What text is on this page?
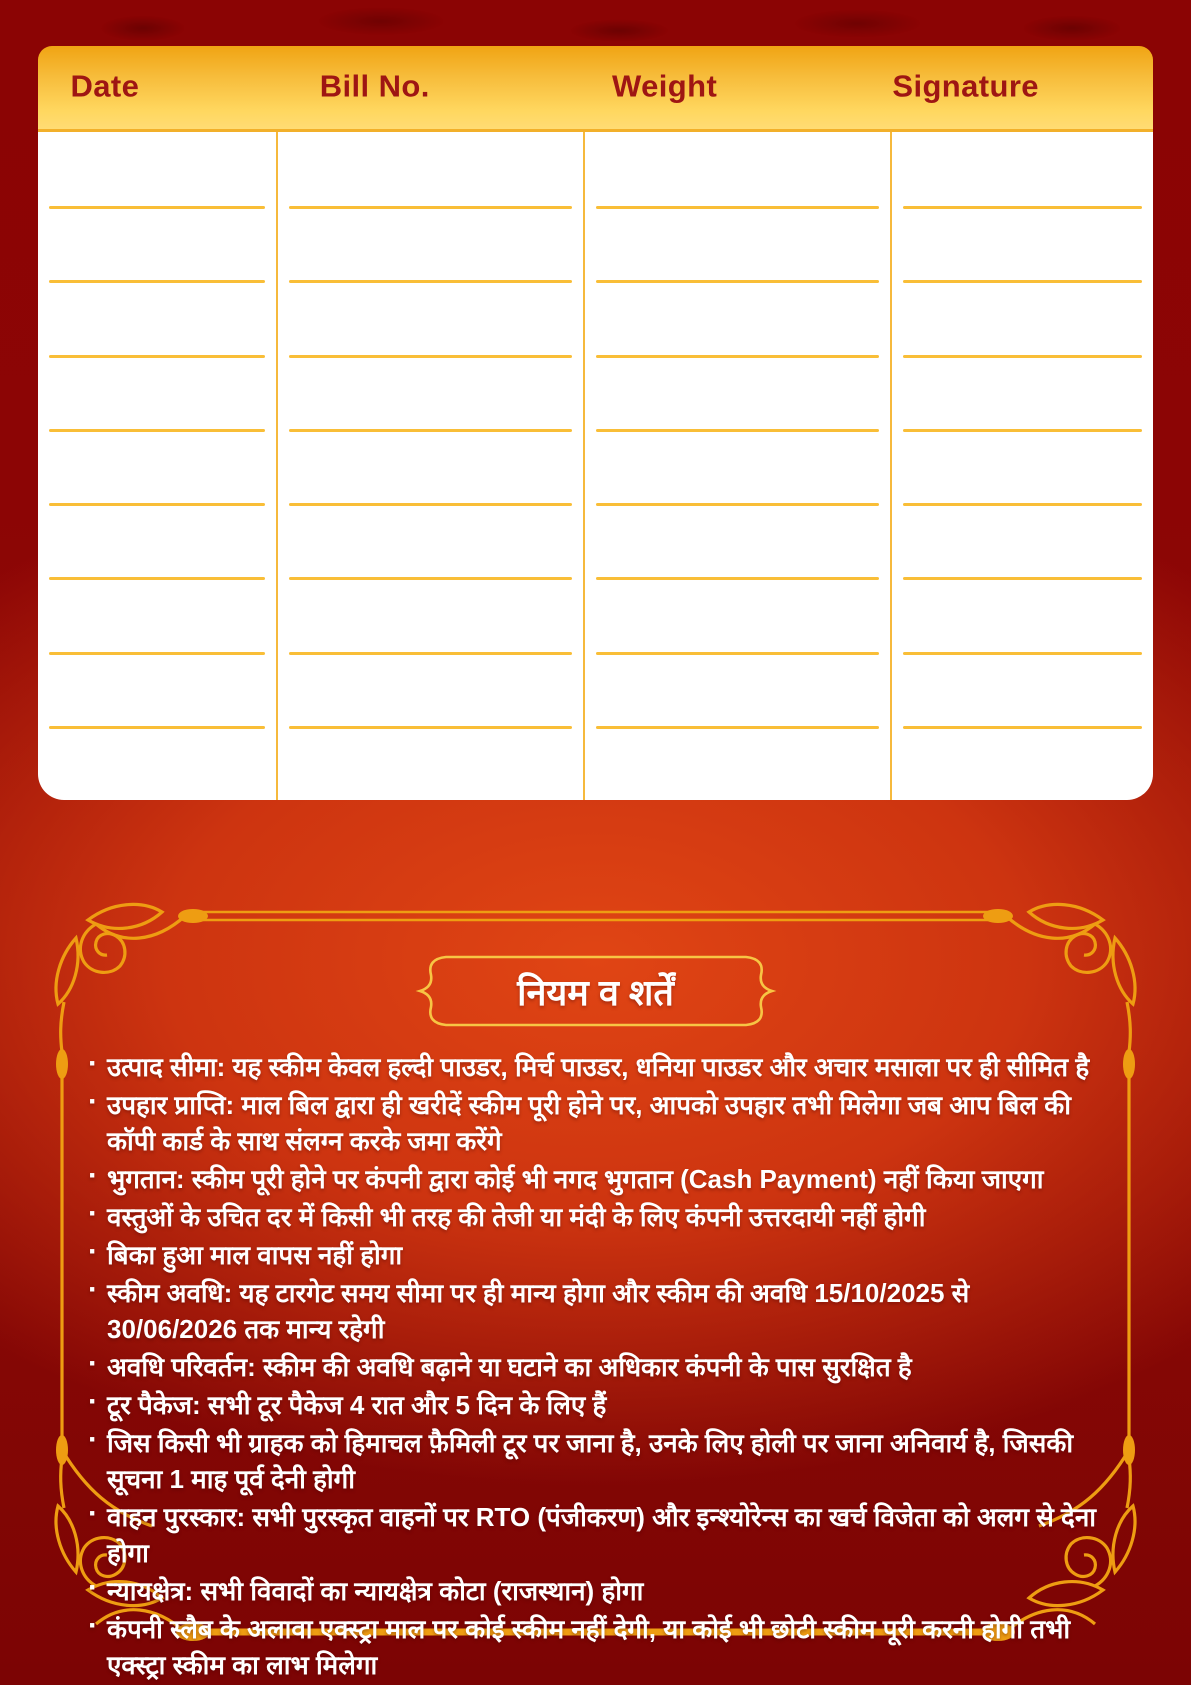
Date	Bill No.	Weight	Signature
नियम व शर्तें
· उत्पाद सीमा: यह स्कीम केवल हल्दी पाउडर, मिर्च पाउडर, धनिया पाउडर और अचार मसाला पर ही सीमित है
· उपहार प्राप्ति: माल बिल द्वारा ही खरीदें स्कीम पूरी होने पर, आपको उपहार तभी मिलेगा जब आप बिल की कॉपी कार्ड के साथ संलग्न करके जमा करेंगे
· भुगतान: स्कीम पूरी होने पर कंपनी द्वारा कोई भी नगद भुगतान (Cash Payment) नहीं किया जाएगा
· वस्तुओं के उचित दर में किसी भी तरह की तेजी या मंदी के लिए कंपनी उत्तरदायी नहीं होगी
· बिका हुआ माल वापस नहीं होगा
· स्कीम अवधि: यह टारगेट समय सीमा पर ही मान्य होगा और स्कीम की अवधि 15/10/2025 से 30/06/2026 तक मान्य रहेगी
· अवधि परिवर्तन: स्कीम की अवधि बढ़ाने या घटाने का अधिकार कंपनी के पास सुरक्षित है
· टूर पैकेज: सभी टूर पैकेज 4 रात और 5 दिन के लिए हैं
· जिस किसी भी ग्राहक को हिमाचल फ़ैमिली टूर पर जाना है, उनके लिए होली पर जाना अनिवार्य है, जिसकी सूचना 1 माह पूर्व देनी होगी
· वाहन पुरस्कार: सभी पुरस्कृत वाहनों पर RTO (पंजीकरण) और इन्श्योरेन्स का खर्च विजेता को अलग से देना होगा
· न्यायक्षेत्र: सभी विवादों का न्यायक्षेत्र कोटा (राजस्थान) होगा
· कंपनी स्लैब के अलावा एक्स्ट्रा माल पर कोई स्कीम नहीं देगी, या कोई भी छोटी स्कीम पूरी करनी होगी तभी एक्स्ट्रा स्कीम का लाभ मिलेगा
